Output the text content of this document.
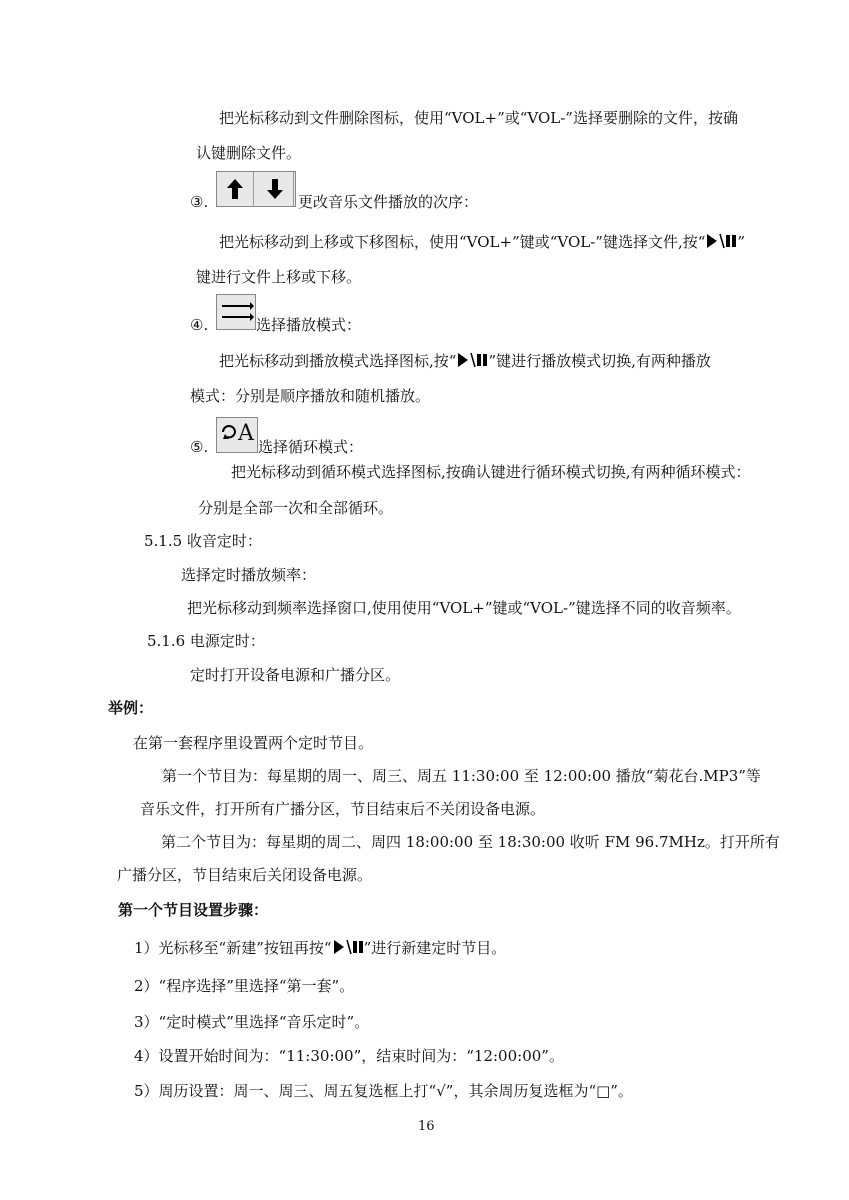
把光标移动到文件删除图标，使用“VOL+”或“VOL-”选择要删除的文件，按确
认键删除文件。
③.	更改音乐文件播放的次序：
把光标移动到上移或下移图标，使用“VOL+”键或“VOL-”键选择文件,按“ ”
键进行文件上移或下移。
④.	选择播放模式：
把光标移动到播放模式选择图标,按“ ”键进行播放模式切换,有两种播放
模式：分别是顺序播放和随机播放。
⑤.
A
选择循环模式：
把光标移动到循环模式选择图标,按确认键进行循环模式切换,有两种循环模式：
分别是全部一次和全部循环。
5.1.5 收音定时：
选择定时播放频率：
把光标移动到频率选择窗口,使用使用“VOL+”键或“VOL-”键选择不同的收音频率。
5.1.6 电源定时：
定时打开设备电源和广播分区。
举例：
在第一套程序里设置两个定时节目。
第一个节目为：每星期的周一、周三、周五 11:30:00 至 12:00:00 播放“菊花台.MP3”等
音乐文件，打开所有广播分区，节目结束后不关闭设备电源。
第二个节目为：每星期的周二、周四 18:00:00 至 18:30:00 收听 FM 96.7MHz。打开所有
广播分区，节目结束后关闭设备电源。
第一个节目设置步骤：
1）光标移至“新建”按钮再按“ ”进行新建定时节目。
2）“程序选择”里选择“第一套”。
3）“定时模式”里选择“音乐定时”。
4）设置开始时间为：“11:30:00”，结束时间为：“12:00:00”。
5）周历设置：周一、周三、周五复选框上打“√”，其余周历复选框为“□”。
16
